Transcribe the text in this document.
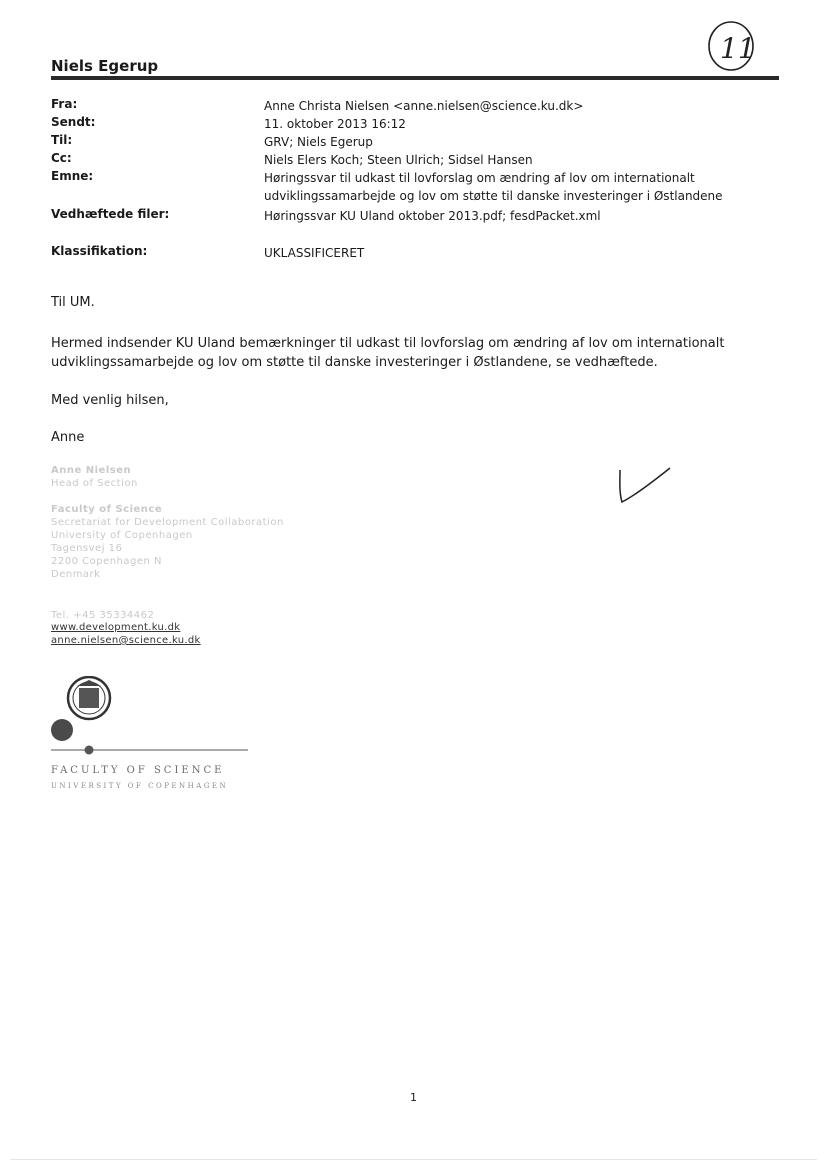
Niels Egerup
11
Fra:	Anne Christa Nielsen <anne.nielsen@science.ku.dk>
Sendt:	11. oktober 2013 16:12
Til:	GRV; Niels Egerup
Cc:	Niels Elers Koch; Steen Ulrich; Sidsel Hansen
Emne:	Høringssvar til udkast til lovforslag om ændring af lov om internationalt udviklingssamarbejde og lov om støtte til danske investeringer i Østlandene
Vedhæftede filer:	Høringssvar KU Uland oktober 2013.pdf; fesdPacket.xml
Klassifikation:	UKLASSIFICERET
Til UM.
Hermed indsender KU Uland bemærkninger til udkast til lovforslag om ændring af lov om internationalt udviklingssamarbejde og lov om støtte til danske investeringer i Østlandene, se vedhæftede.
Med venlig hilsen,
Anne
Anne Nielsen
Head of Section
Faculty of Science
Secretariat for Development Collaboration
University of Copenhagen
Tagensvej 16
2200 Copenhagen N
Denmark
Tel. +45 35334462
www.development.ku.dk
anne.nielsen@science.ku.dk
FACULTY OF SCIENCE
UNIVERSITY OF COPENHAGEN
1
